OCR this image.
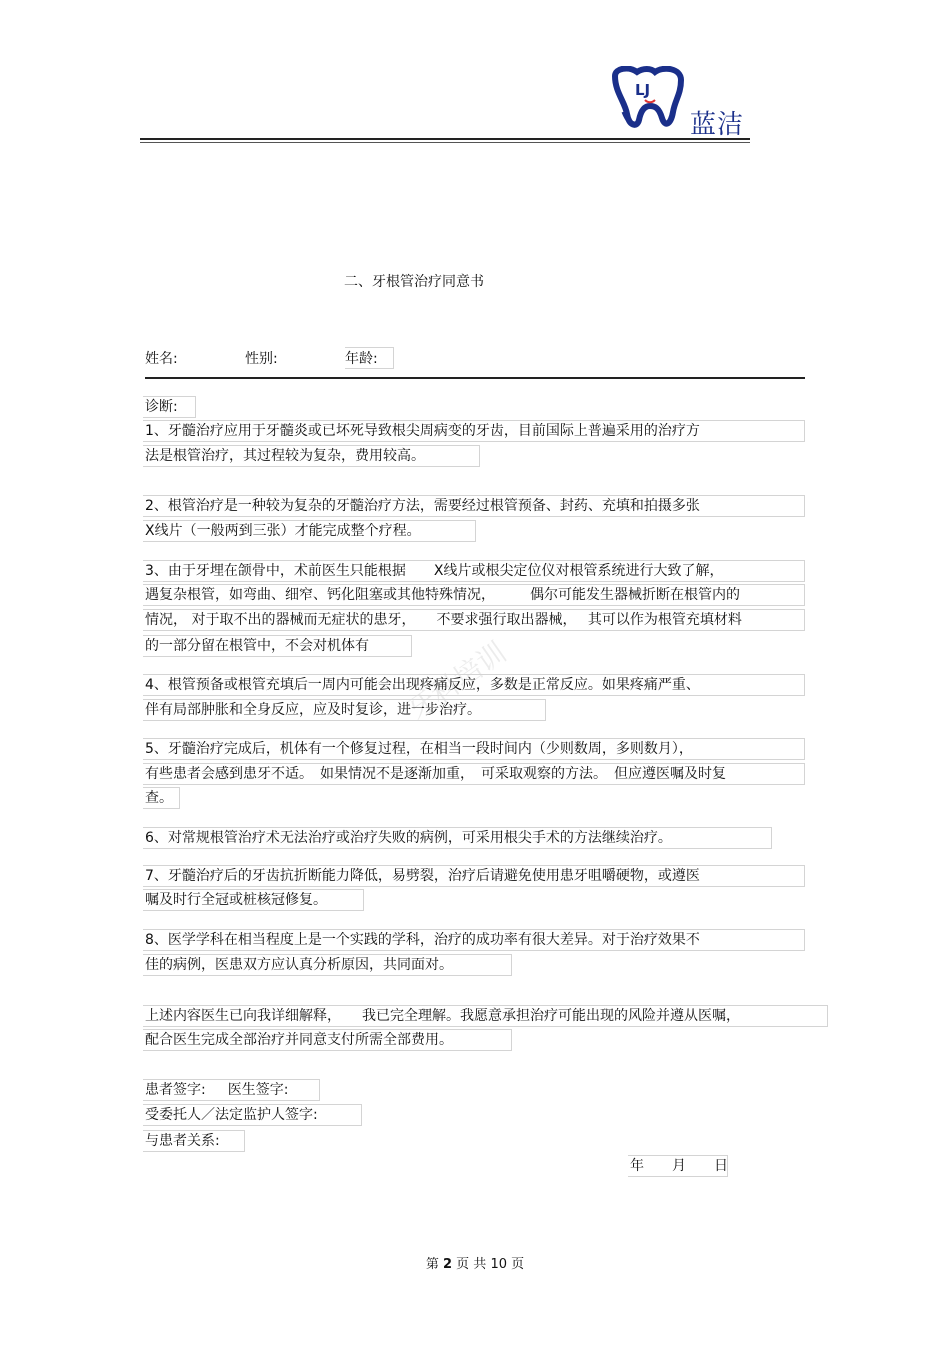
LJ
蓝洁
牙科培训
二、牙根管治疗同意书
姓名:	性别:	年龄:
诊断:
1、牙髓治疗应用于牙髓炎或已坏死导致根尖周病变的牙齿，目前国际上普遍采用的治疗方
法是根管治疗，其过程较为复杂，费用较高。
2、根管治疗是一种较为复杂的牙髓治疗方法，需要经过根管预备、封药、充填和拍摄多张
X线片（一般两到三张）才能完成整个疗程。
3、由于牙埋在颌骨中，术前医生只能根据　　X线片或根尖定位仪对根管系统进行大致了解，
遇复杂根管，如弯曲、细窄、钙化阻塞或其他特殊情况，　　　偶尔可能发生器械折断在根管内的
情况， 对于取不出的器械而无症状的患牙，　　不要求强行取出器械，　 其可以作为根管充填材料
的一部分留在根管中，不会对机体有
4、根管预备或根管充填后一周内可能会出现疼痛反应，多数是正常反应。如果疼痛严重、
伴有局部肿胀和全身反应，应及时复诊，进一步治疗。
5、牙髓治疗完成后，机体有一个修复过程，在相当一段时间内（少则数周，多则数月），
有些患者会感到患牙不适。　如果情况不是逐渐加重，　可采取观察的方法。　但应遵医嘱及时复
查。
6、对常规根管治疗术无法治疗或治疗失败的病例，可采用根尖手术的方法继续治疗。
7、牙髓治疗后的牙齿抗折断能力降低，易劈裂，治疗后请避免使用患牙咀嚼硬物，或遵医
嘱及时行全冠或桩核冠修复。
8、医学学科在相当程度上是一个实践的学科，治疗的成功率有很大差异。对于治疗效果不
佳的病例，医患双方应认真分析原因，共同面对。
上述内容医生已向我详细解释，　　我已完全理解。我愿意承担治疗可能出现的风险并遵从医嘱，
配合医生完成全部治疗并同意支付所需全部费用。
患者签字: 医生签字:
受委托人／法定监护人签字:
与患者关系:
年　　月　　日
第 2 页 共 10 页
